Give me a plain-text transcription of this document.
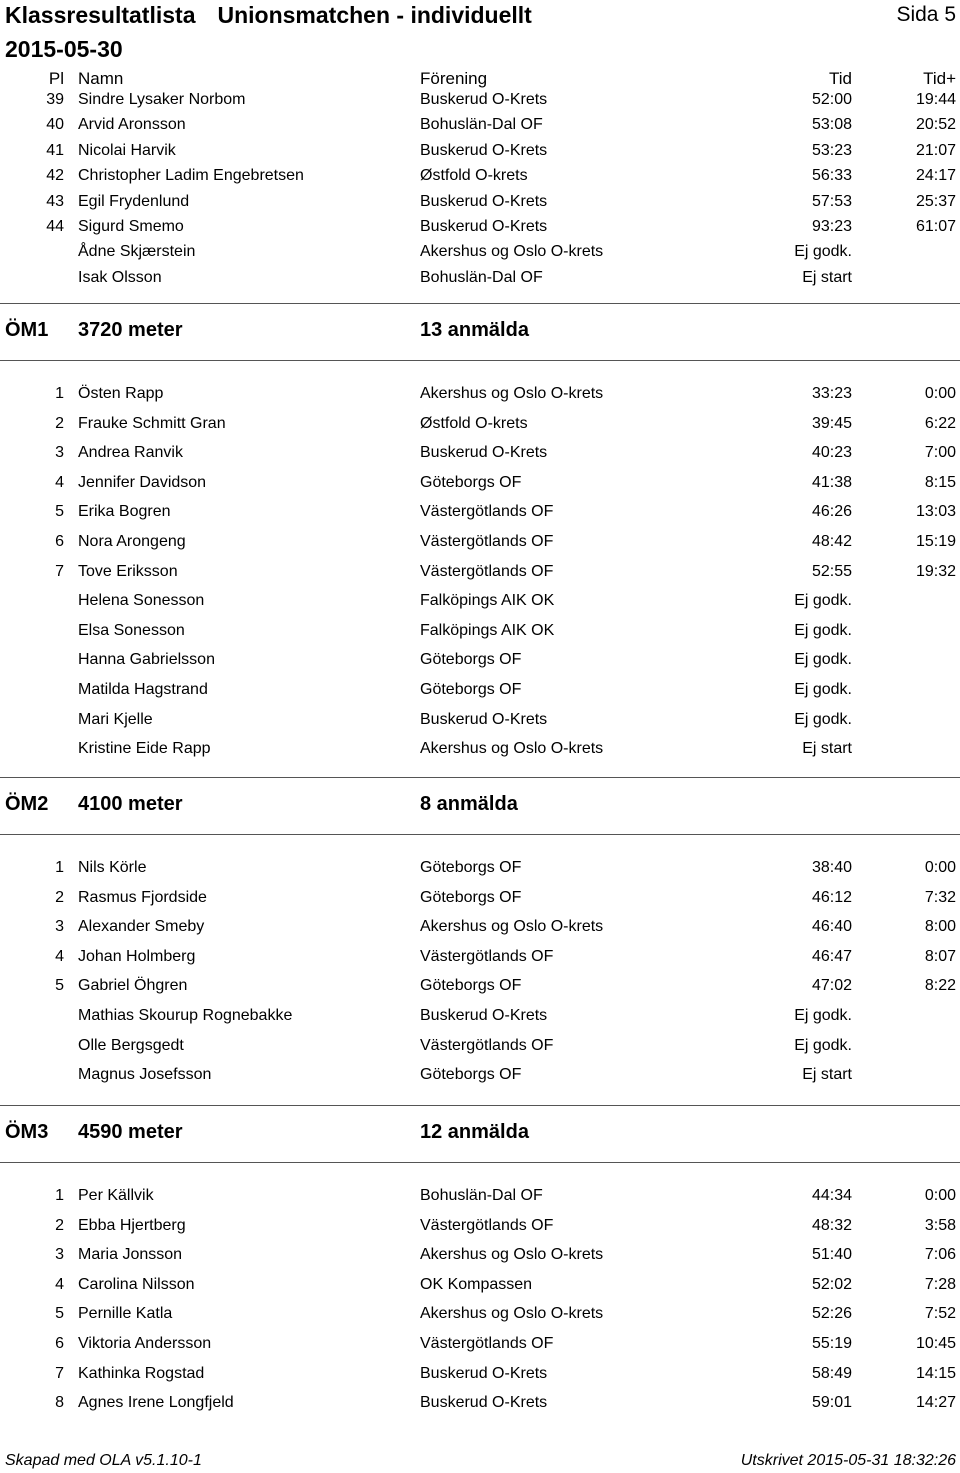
Klassresultatlista Unionsmatchen - individuellt	Sida 5
2015-05-30
Pl Namn	Förening	Tid	Tid+
39 Sindre Lysaker Norbom	Buskerud O-Krets	52:00	19:44
40 Arvid Aronsson	Bohuslän-Dal OF	53:08	20:52
41 Nicolai Harvik	Buskerud O-Krets	53:23	21:07
42 Christopher Ladim Engebretsen	Østfold O-krets	56:33	24:17
43 Egil Frydenlund	Buskerud O-Krets	57:53	25:37
44 Sigurd Smemo	Buskerud O-Krets	93:23	61:07
Ådne Skjærstein	Akershus og Oslo O-krets	Ej godk.
Isak Olsson	Bohuslän-Dal OF	Ej start
ÖM1 3720 meter	13 anmälda
1 Östen Rapp	Akershus og Oslo O-krets	33:23	0:00
2 Frauke Schmitt Gran	Østfold O-krets	39:45	6:22
3 Andrea Ranvik	Buskerud O-Krets	40:23	7:00
4 Jennifer Davidson	Göteborgs OF	41:38	8:15
5 Erika Bogren	Västergötlands OF	46:26	13:03
6 Nora Arongeng	Västergötlands OF	48:42	15:19
7 Tove Eriksson	Västergötlands OF	52:55	19:32
Helena Sonesson	Falköpings AIK OK	Ej godk.
Elsa Sonesson	Falköpings AIK OK	Ej godk.
Hanna Gabrielsson	Göteborgs OF	Ej godk.
Matilda Hagstrand	Göteborgs OF	Ej godk.
Mari Kjelle	Buskerud O-Krets	Ej godk.
Kristine Eide Rapp	Akershus og Oslo O-krets	Ej start
ÖM2 4100 meter	8 anmälda
1 Nils Körle	Göteborgs OF	38:40	0:00
2 Rasmus Fjordside	Göteborgs OF	46:12	7:32
3 Alexander Smeby	Akershus og Oslo O-krets	46:40	8:00
4 Johan Holmberg	Västergötlands OF	46:47	8:07
5 Gabriel Öhgren	Göteborgs OF	47:02	8:22
Mathias Skourup Rognebakke	Buskerud O-Krets	Ej godk.
Olle Bergsgedt	Västergötlands OF	Ej godk.
Magnus Josefsson	Göteborgs OF	Ej start
ÖM3 4590 meter	12 anmälda
1 Per Källvik	Bohuslän-Dal OF	44:34	0:00
2 Ebba Hjertberg	Västergötlands OF	48:32	3:58
3 Maria Jonsson	Akershus og Oslo O-krets	51:40	7:06
4 Carolina Nilsson	OK Kompassen	52:02	7:28
5 Pernille Katla	Akershus og Oslo O-krets	52:26	7:52
6 Viktoria Andersson	Västergötlands OF	55:19	10:45
7 Kathinka Rogstad	Buskerud O-Krets	58:49	14:15
8 Agnes Irene Longfjeld	Buskerud O-Krets	59:01	14:27
Skapad med OLA v5.1.10-1	Utskrivet 2015-05-31 18:32:26
